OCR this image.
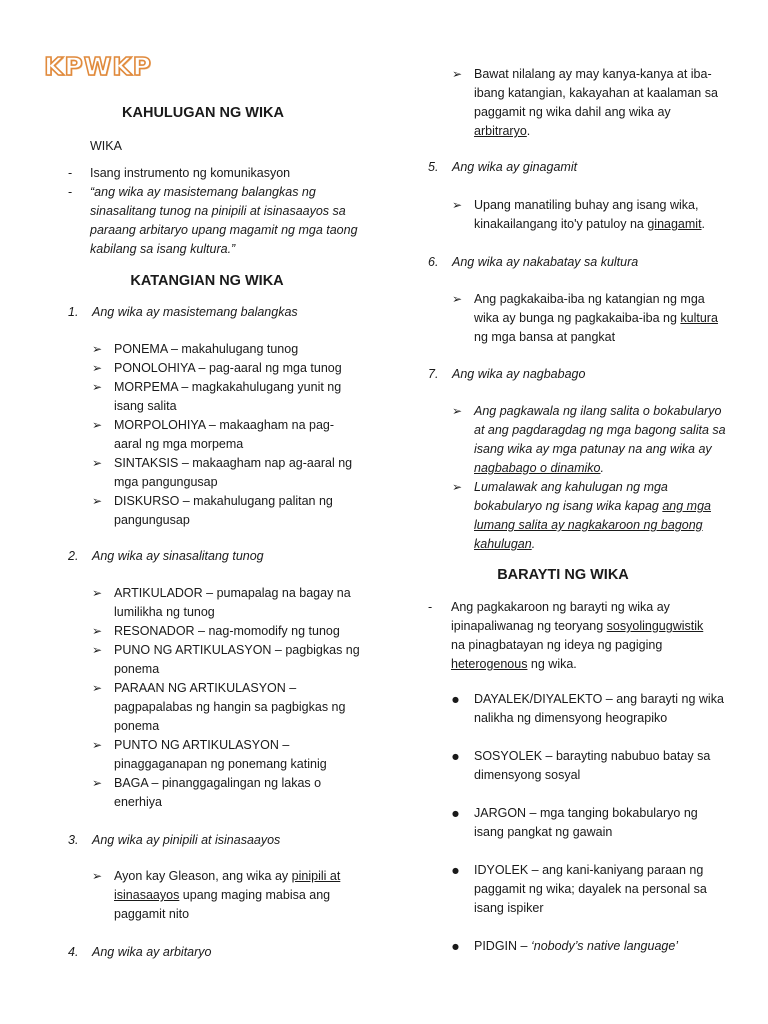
KPWKP
KAHULUGAN NG WIKA
WIKA
- Isang instrumento ng komunikasyon
- “ang wika ay masistemang balangkas ng sinasalitang tunog na pinipili at isinasaayos sa paraang arbitaryo upang magamit ng mga taong kabilang sa isang kultura.”
KATANGIAN NG WIKA
1. Ang wika ay masistemang balangkas
➢ PONEMA – makahulugang tunog
➢ PONOLOHIYA – pag-aaral ng mga tunog
➢ MORPEMA – magkakahulugang yunit ng isang salita
➢ MORPOLOHIYA – makaagham na pag-aaral ng mga morpema
➢ SINTAKSIS – makaagham nap ag-aaral ng mga pangungusap
➢ DISKURSO – makahulugang palitan ng pangungusap
2. Ang wika ay sinasalitang tunog
➢ ARTIKULADOR – pumapalag na bagay na lumilikha ng tunog
➢ RESONADOR – nag-momodify ng tunog
➢ PUNO NG ARTIKULASYON – pagbigkas ng ponema
➢ PARAAN NG ARTIKULASYON – pagpapalabas ng hangin sa pagbigkas ng ponema
➢ PUNTO NG ARTIKULASYON – pinaggaganapan ng ponemang katinig
➢ BAGA – pinanggagalingan ng lakas o enerhiya
3. Ang wika ay pinipili at isinasaayos
➢ Ayon kay Gleason, ang wika ay pinipili at isinasaayos upang maging mabisa ang paggamit nito
4. Ang wika ay arbitaryo
➢ Bawat nilalang ay may kanya-kanya at iba-ibang katangian, kakayahan at kaalaman sa paggamit ng wika dahil ang wika ay arbitraryo.
5. Ang wika ay ginagamit
➢ Upang manatiling buhay ang isang wika, kinakailangang ito'y patuloy na ginagamit.
6. Ang wika ay nakabatay sa kultura
➢ Ang pagkakaiba-iba ng katangian ng mga wika ay bunga ng pagkakaiba-iba ng kultura ng mga bansa at pangkat
7. Ang wika ay nagbabago
➢ Ang pagkawala ng ilang salita o bokabularyo at ang pagdaragdag ng mga bagong salita sa isang wika ay mga patunay na ang wika ay nagbabago o dinamiko.
➢ Lumalawak ang kahulugan ng mga bokabularyo ng isang wika kapag ang mga lumang salita ay nagkakaroon ng bagong kahulugan.
BARAYTI NG WIKA
- Ang pagkakaroon ng barayti ng wika ay ipinapaliwanag ng teoryang sosyolingugwistik na pinagbatayan ng ideya ng pagiging heterogenous ng wika.
● DAYALEK/DIYALEKTO – ang barayti ng wika nalikha ng dimensyong heograpiko
● SOSYOLEK – barayting nabubuo batay sa dimensyong sosyal
● JARGON – mga tanging bokabularyo ng isang pangkat ng gawain
● IDYOLEK – ang kani-kaniyang paraan ng paggamit ng wika; dayalek na personal sa isang ispiker
● PIDGIN – ‘nobody’s native language’
